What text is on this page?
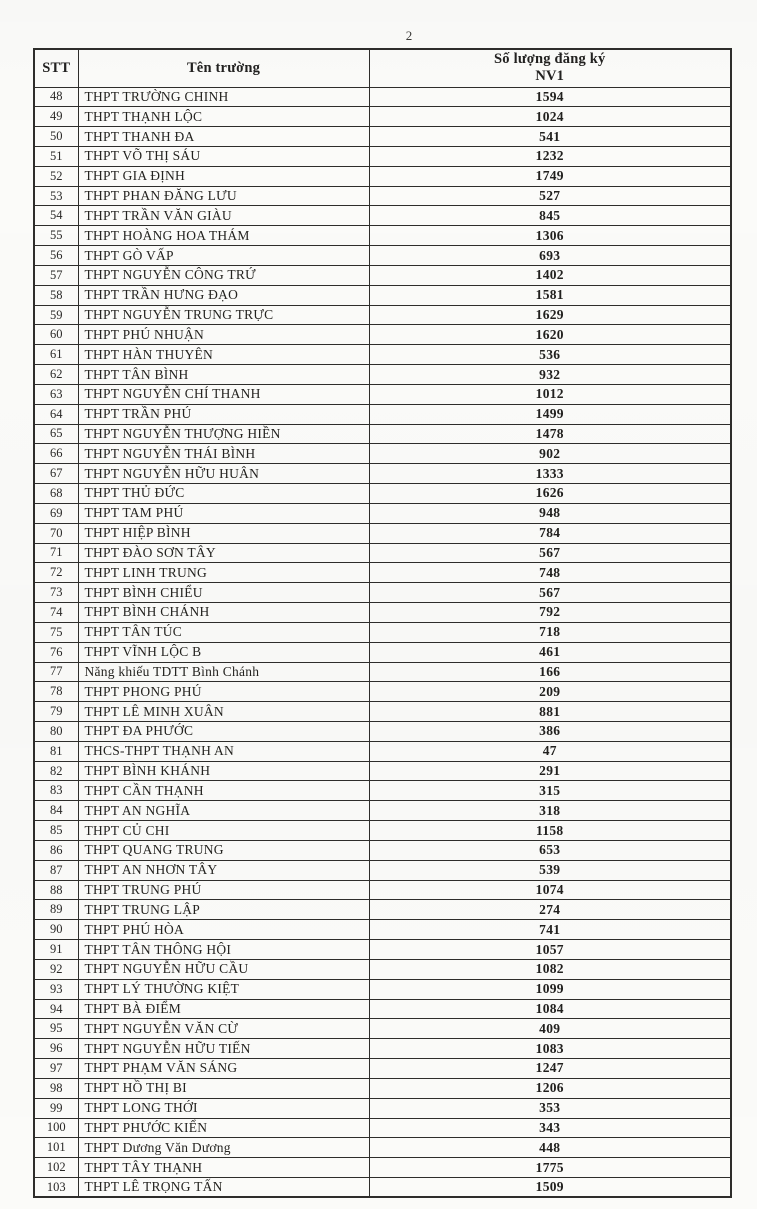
2
STT	Tên trường	Số lượng đăng ký
NV1

48	THPT TRƯỜNG CHINH	1594
49	THPT THẠNH LỘC	1024
50	THPT THANH ĐA	541
51	THPT VÕ THỊ SÁU	1232
52	THPT GIA ĐỊNH	1749
53	THPT PHAN ĐĂNG LƯU	527
54	THPT TRẦN VĂN GIÀU	845
55	THPT HOÀNG HOA THÁM	1306
56	THPT GÒ VẤP	693
57	THPT NGUYỄN CÔNG TRỨ	1402
58	THPT TRẦN HƯNG ĐẠO	1581
59	THPT NGUYỄN TRUNG TRỰC	1629
60	THPT PHÚ NHUẬN	1620
61	THPT HÀN THUYÊN	536
62	THPT TÂN BÌNH	932
63	THPT NGUYỄN CHÍ THANH	1012
64	THPT TRẦN PHÚ	1499
65	THPT NGUYỄN THƯỢNG HIỀN	1478
66	THPT NGUYỄN THÁI BÌNH	902
67	THPT NGUYỄN HỮU HUÂN	1333
68	THPT THỦ ĐỨC	1626
69	THPT TAM PHÚ	948
70	THPT HIỆP BÌNH	784
71	THPT ĐÀO SƠN TÂY	567
72	THPT LINH TRUNG	748
73	THPT BÌNH CHIỂU	567
74	THPT BÌNH CHÁNH	792
75	THPT TÂN TÚC	718
76	THPT VĨNH LỘC B	461
77	Năng khiếu TDTT Bình Chánh	166
78	THPT PHONG PHÚ	209
79	THPT LÊ MINH XUÂN	881
80	THPT ĐA PHƯỚC	386
81	THCS-THPT THẠNH AN	47
82	THPT BÌNH KHÁNH	291
83	THPT CẦN THẠNH	315
84	THPT AN NGHĨA	318
85	THPT CỦ CHI	1158
86	THPT QUANG TRUNG	653
87	THPT AN NHƠN TÂY	539
88	THPT TRUNG PHÚ	1074
89	THPT TRUNG LẬP	274
90	THPT PHÚ HÒA	741
91	THPT TÂN THÔNG HỘI	1057
92	THPT NGUYỄN HỮU CẦU	1082
93	THPT LÝ THƯỜNG KIỆT	1099
94	THPT BÀ ĐIỂM	1084
95	THPT NGUYỄN VĂN CỪ	409
96	THPT NGUYỄN HỮU TIẾN	1083
97	THPT PHẠM VĂN SÁNG	1247
98	THPT HỒ THỊ BI	1206
99	THPT LONG THỚI	353
100	THPT PHƯỚC KIỂN	343
101	THPT Dương Văn Dương	448
102	THPT TÂY THẠNH	1775
103	THPT LÊ TRỌNG TẤN	1509
